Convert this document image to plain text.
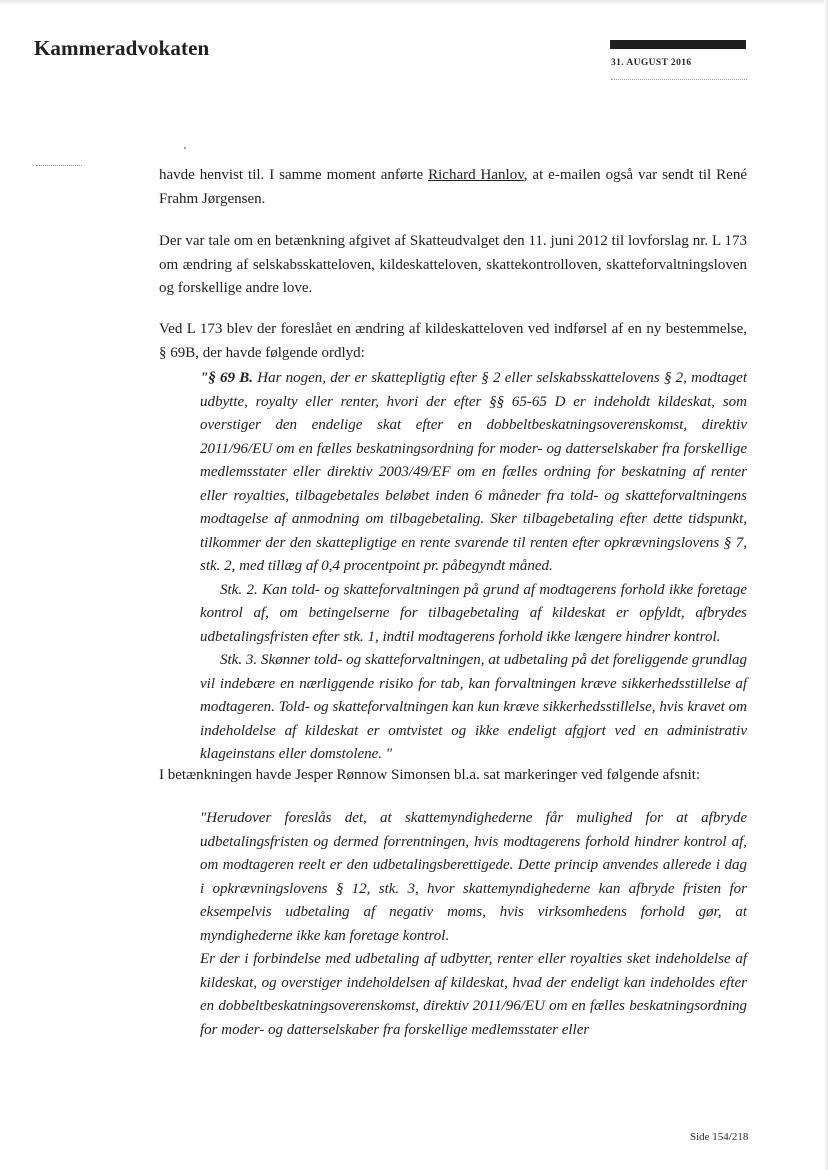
Kammeradvokaten
31. AUGUST 2016

havde henvist til. I samme moment anførte Richard Hanlov, at e-mailen også var sendt til René Frahm Jørgensen.

Der var tale om en betænkning afgivet af Skatteudvalget den 11. juni 2012 til lovforslag nr. L 173 om ændring af selskabsskatteloven, kildeskatteloven, skattekontrolloven, skatteforvaltningsloven og forskellige andre love.

Ved L 173 blev der foreslået en ændring af kildeskatteloven ved indførsel af en ny bestemmelse, § 69B, der havde følgende ordlyd:

"§ 69 B. Har nogen, der er skattepligtig efter § 2 eller selskabsskattelovens § 2, modtaget udbytte, royalty eller renter, hvori der efter §§ 65-65 D er indeholdt kildeskat, som overstiger den endelige skat efter en dobbeltbeskatningsoverenskomst, direktiv 2011/96/EU om en fælles beskatningsordning for moder- og datterselskaber fra forskellige medlemsstater eller direktiv 2003/49/EF om en fælles ordning for beskatning af renter eller royalties, tilbagebetales beløbet inden 6 måneder fra told- og skatteforvaltningens modtagelse af anmodning om tilbagebetaling. Sker tilbagebetaling efter dette tidspunkt, tilkommer der den skattepligtige en rente svarende til renten efter opkrævningslovens § 7, stk. 2, med tillæg af 0,4 procentpoint pr. påbegyndt måned.
Stk. 2. Kan told- og skatteforvaltningen på grund af modtagerens forhold ikke foretage kontrol af, om betingelserne for tilbagebetaling af kildeskat er opfyldt, afbrydes udbetalingsfristen efter stk. 1, indtil modtagerens forhold ikke længere hindrer kontrol.
Stk. 3. Skønner told- og skatteforvaltningen, at udbetaling på det foreliggende grundlag vil indebære en nærliggende risiko for tab, kan forvaltningen kræve sikkerhedsstillelse af modtageren. Told- og skatteforvaltningen kan kun kræve sikkerhedsstillelse, hvis kravet om indeholdelse af kildeskat er omtvistet og ikke endeligt afgjort ved en administrativ klageinstans eller domstolene. "

I betænkningen havde Jesper Rønnow Simonsen bl.a. sat markeringer ved følgende afsnit:

"Herudover foreslås det, at skattemyndighederne får mulighed for at afbryde udbetalingsfristen og dermed forrentningen, hvis modtagerens forhold hindrer kontrol af, om modtageren reelt er den udbetalingsberettigede. Dette princip anvendes allerede i dag i opkrævningslovens § 12, stk. 3, hvor skattemyndighederne kan afbryde fristen for eksempelvis udbetaling af negativ moms, hvis virksomhedens forhold gør, at myndighederne ikke kan foretage kontrol.
Er der i forbindelse med udbetaling af udbytter, renter eller royalties sket indeholdelse af kildeskat, og overstiger indeholdelsen af kildeskat, hvad der endeligt kan indeholdes efter en dobbeltbeskatningsoverenskomst, direktiv 2011/96/EU om en fælles beskatningsordning for moder- og datterselskaber fra forskellige medlemsstater eller
Side 154/218
